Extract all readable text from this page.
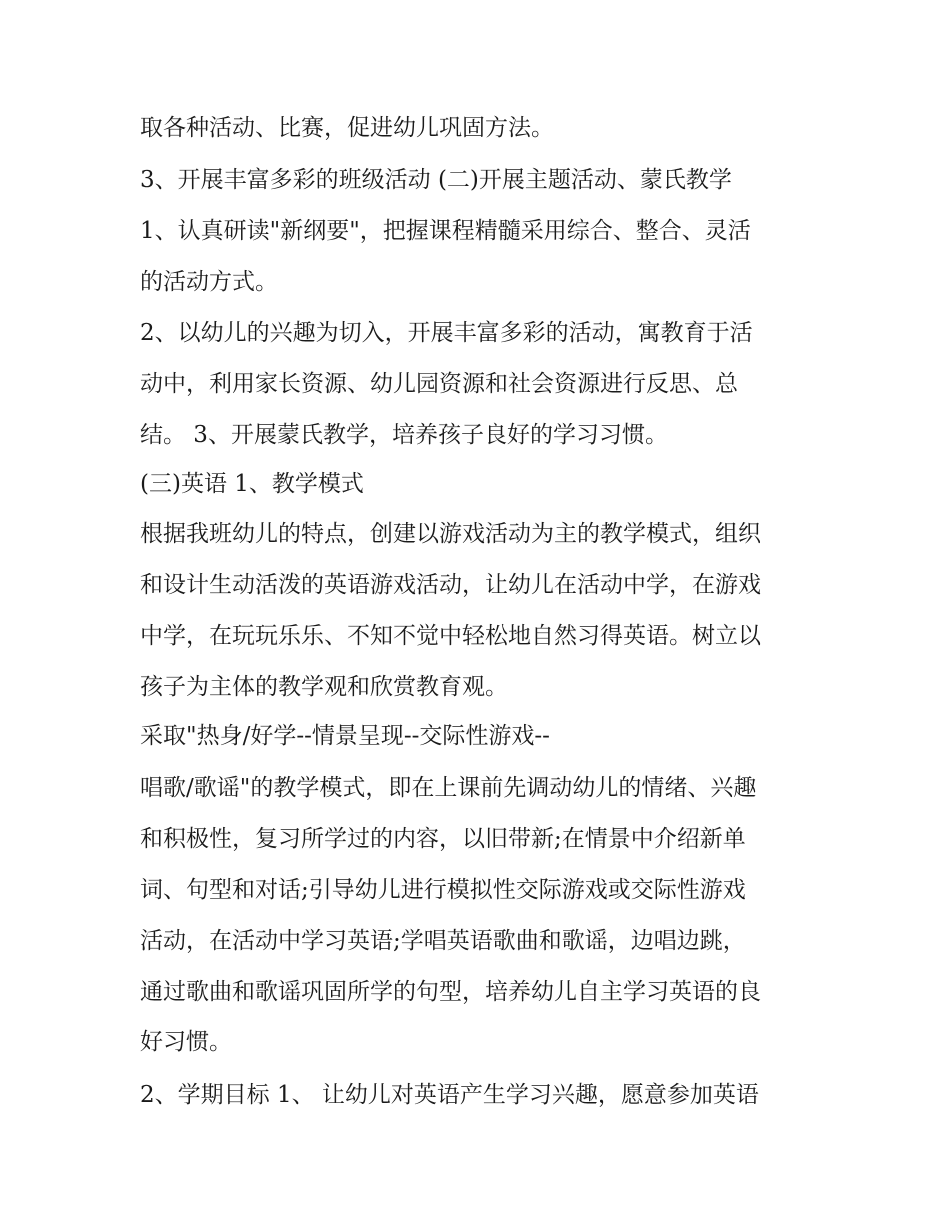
取各种活动、比赛，促进幼儿巩固方法。

3、开展丰富多彩的班级活动 (二)开展主题活动、蒙氏教学

1、认真研读"新纲要"，把握课程精髓采用综合、整合、灵活

的活动方式。

2、以幼儿的兴趣为切入，开展丰富多彩的活动，寓教育于活

动中，利用家长资源、幼儿园资源和社会资源进行反思、总

结。 3、开展蒙氏教学，培养孩子良好的学习习惯。

(三)英语 1、教学模式

根据我班幼儿的特点，创建以游戏活动为主的教学模式，组织

和设计生动活泼的英语游戏活动，让幼儿在活动中学，在游戏

中学，在玩玩乐乐、不知不觉中轻松地自然习得英语。树立以

孩子为主体的教学观和欣赏教育观。

采取"热身/好学--情景呈现--交际性游戏--

唱歌/歌谣"的教学模式，即在上课前先调动幼儿的情绪、兴趣

和积极性，复习所学过的内容，以旧带新;在情景中介绍新单

词、句型和对话;引导幼儿进行模拟性交际游戏或交际性游戏

活动，在活动中学习英语;学唱英语歌曲和歌谣，边唱边跳，

通过歌曲和歌谣巩固所学的句型，培养幼儿自主学习英语的良

好习惯。

2、学期目标 1、 让幼儿对英语产生学习兴趣，愿意参加英语
